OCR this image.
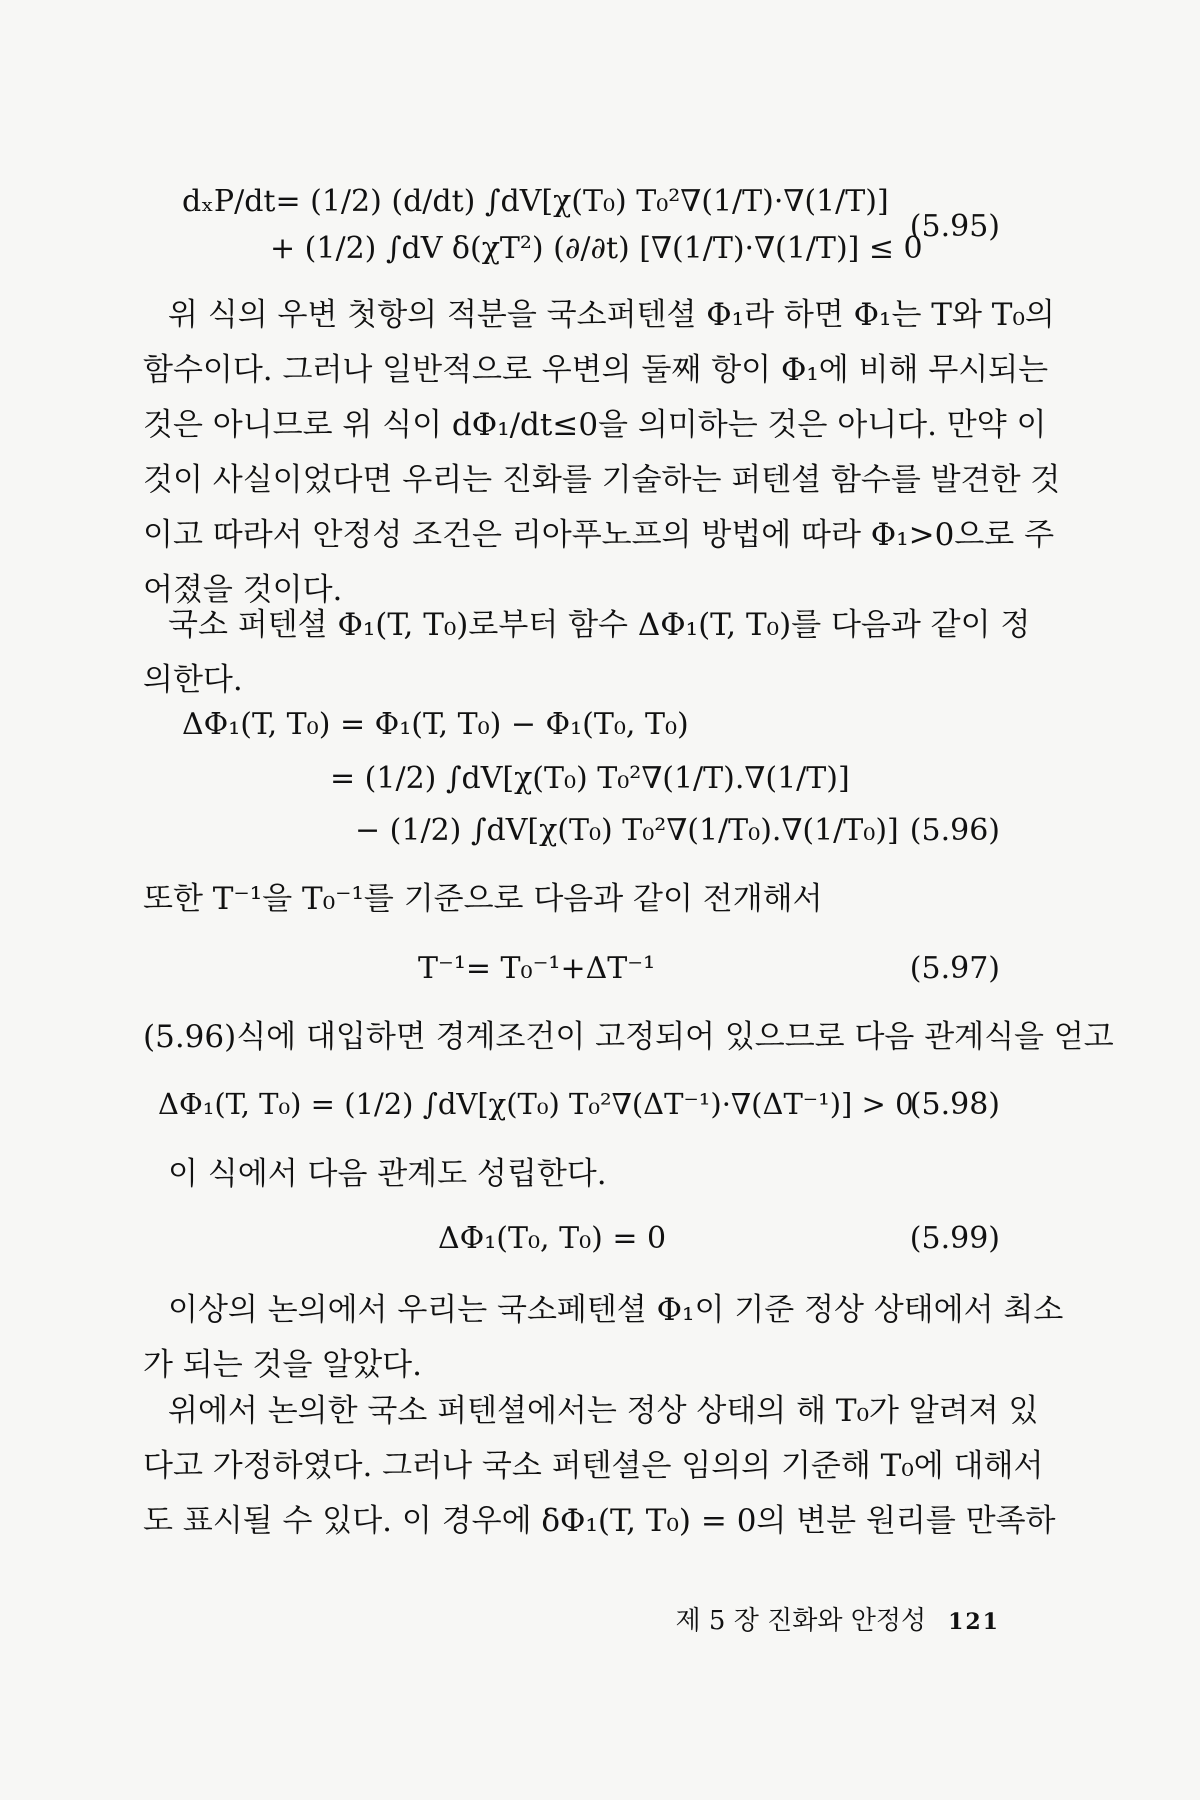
dₓP/dt= (1/2) (d/dt) ∫dV[χ(T₀) T₀²∇(1/T)·∇(1/T)]
+ (1/2) ∫dV δ(χT²) (∂/∂t) [∇(1/T)·∇(1/T)] ≤ 0
(5.95)
위 식의 우변 첫항의 적분을 국소퍼텐셜 Φ₁라 하면 Φ₁는 T와 T₀의
함수이다. 그러나 일반적으로 우변의 둘째 항이 Φ₁에 비해 무시되는
것은 아니므로 위 식이 dΦ₁/dt≤0을 의미하는 것은 아니다. 만약 이
것이 사실이었다면 우리는 진화를 기술하는 퍼텐셜 함수를 발견한 것
이고 따라서 안정성 조건은 리아푸노프의 방법에 따라 Φ₁>0으로 주
어졌을 것이다.
국소 퍼텐셜 Φ₁(T, T₀)로부터 함수 ΔΦ₁(T, T₀)를 다음과 같이 정
의한다.
ΔΦ₁(T, T₀) = Φ₁(T, T₀) − Φ₁(T₀, T₀)
= (1/2) ∫dV[χ(T₀) T₀²∇(1/T).∇(1/T)]
− (1/2) ∫dV[χ(T₀) T₀²∇(1/T₀).∇(1/T₀)] (5.96)
또한 T⁻¹을 T₀⁻¹를 기준으로 다음과 같이 전개해서
T⁻¹= T₀⁻¹+ΔT⁻¹	(5.97)
(5.96)식에 대입하면 경계조건이 고정되어 있으므로 다음 관계식을 얻고
ΔΦ₁(T, T₀) = (1/2) ∫dV[χ(T₀) T₀²∇(ΔT⁻¹)·∇(ΔT⁻¹)] > 0
(5.98)
이 식에서 다음 관계도 성립한다.
ΔΦ₁(T₀, T₀) = 0	(5.99)
이상의 논의에서 우리는 국소페텐셜 Φ₁이 기준 정상 상태에서 최소
가 되는 것을 알았다.
위에서 논의한 국소 퍼텐셜에서는 정상 상태의 해 T₀가 알려져 있
다고 가정하였다. 그러나 국소 퍼텐셜은 임의의 기준해 T₀에 대해서
도 표시될 수 있다. 이 경우에 δΦ₁(T, T₀) = 0의 변분 원리를 만족하
제 5 장 진화와 안정성 121
